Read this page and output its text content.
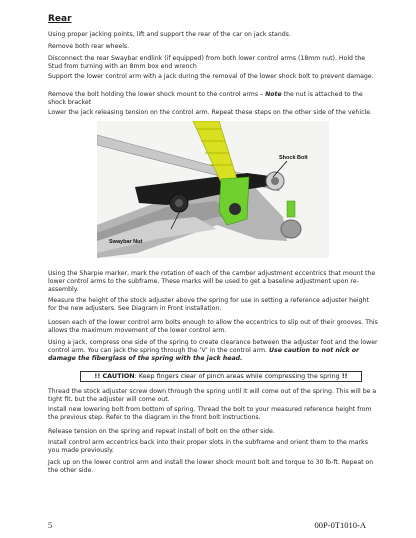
Rear

Using proper jacking points, lift and support the rear of the car on jack stands.

Remove both rear wheels.

Disconnect the rear Swaybar endlink (if equipped) from both lower control arms (18mm nut). Hold the Stud from turning with an 8mm box end wrench

Support the lower control arm with a jack during the removal of the lower shock bolt to prevent damage.

Remove the bolt holding the lower shock mount to the control arms – Note the nut is attached to the shock bracket

Lower the jack releasing tension on the control arm. Repeat these steps on the other side of the vehicle.

Shock Bolt
Swaybar Nut

Using the Sharpie marker, mark the rotation of each of the camber adjustment eccentrics that mount the lower control arms to the subframe. These marks will be used to get a baseline adjustment upon re-assembly.

Measure the height of the stock adjuster above the spring for use in setting a reference adjuster height for the new adjusters. See Diagram in Front installation.

Loosen each of the lower control arm bolts enough to allow the eccentrics to slip out of their grooves. This allows the maximum movement of the lower control arm.

Using a jack, compress one side of the spring to create clearance between the adjuster foot and the lower control arm. You can jack the spring through the ‘V’ in the control arm. Use caution to not nick or damage the fiberglass of the spring with the jack head.

!! CAUTION: Keep fingers clear of pinch areas while compressing the spring !!

Thread the stock adjuster screw down through the spring until it will come out of the spring. This will be a tight fit, but the adjuster will come out.

Install new lowering bolt from bottom of spring. Thread the bolt to your measured reference height from the previous step. Refer to the diagram in the front bolt instructions.

Release tension on the spring and repeat install of bolt on the other side.

Install control arm eccentrics back into their proper slots in the subframe and orient them to the marks you made previously.

Jack up on the lower control arm and install the lower shock mount bolt and torque to 30 lb-ft. Repeat on the other side.

5	00P-0T1010-A
